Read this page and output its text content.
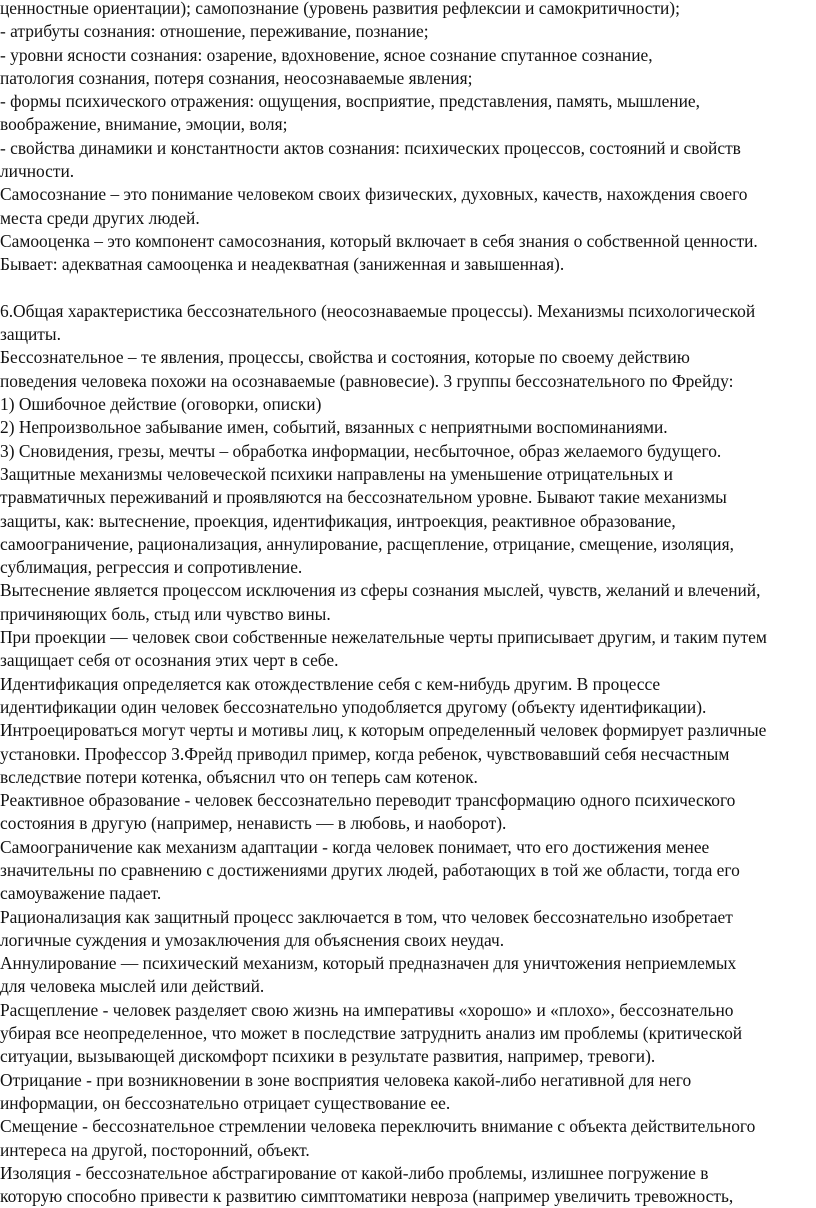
ценностные ориентации); самопознание (уровень развития рефлексии и самокритичности);
- атрибуты сознания: отношение, переживание, познание;
- уровни ясности сознания: озарение, вдохновение, ясное сознание спутанное сознание,
патология сознания, потеря сознания, неосознаваемые явления;
- формы психического отражения: ощущения, восприятие, представления, память, мышление,
воображение, внимание, эмоции, воля;
- свойства динамики и константности актов сознания: психических процессов, состояний и свойств
личности.
Самосознание – это понимание человеком своих физических, духовных, качеств, нахождения своего
места среди других людей.
Самооценка – это компонент самосознания, который включает в себя знания о собственной ценности.
Бывает: адекватная самооценка и неадекватная (заниженная и завышенная).
6.Общая характеристика бессознательного (неосознаваемые процессы). Механизмы психологической
защиты.
Бессознательное – те явления, процессы, свойства и состояния, которые по своему действию
поведения человека похожи на осознаваемые (равновесие). 3 группы бессознательного по Фрейду:
1) Ошибочное действие (оговорки, описки)
2) Непроизвольное забывание имен, событий, вязанных с неприятными воспоминаниями.
3) Сновидения, грезы, мечты – обработка информации, несбыточное, образ желаемого будущего.
Защитные механизмы человеческой психики направлены на уменьшение отрицательных и
травматичных переживаний и проявляются на бессознательном уровне. Бывают такие механизмы
защиты, как: вытеснение, проекция, идентификация, интроекция, реактивное образование,
самоограничение, рационализация, аннулирование, расщепление, отрицание, смещение, изоляция,
сублимация, регрессия и сопротивление.
Вытеснение является процессом исключения из сферы сознания мыслей, чувств, желаний и влечений,
причиняющих боль, стыд или чувство вины.
При проекции — человек свои собственные нежелательные черты приписывает другим, и таким путем
защищает себя от осознания этих черт в себе.
Идентификация определяется как отождествление себя с кем-нибудь другим. В процессе
идентификации один человек бессознательно уподобляется другому (объекту идентификации).
Интроецироваться могут черты и мотивы лиц, к которым определенный человек формирует различные
установки. Профессор З.Фрейд приводил пример, когда ребенок, чувствовавший себя несчастным
вследствие потери котенка, объяснил что он теперь сам котенок.
Реактивное образование - человек бессознательно переводит трансформацию одного психического
состояния в другую (например, ненависть — в любовь, и наоборот).
Самоограничение как механизм адаптации - когда человек понимает, что его достижения менее
значительны по сравнению с достижениями других людей, работающих в той же области, тогда его
самоуважение падает.
Рационализация как защитный процесс заключается в том, что человек бессознательно изобретает
логичные суждения и умозаключения для объяснения своих неудач.
Аннулирование — психический механизм, который предназначен для уничтожения неприемлемых
для человека мыслей или действий.
Расщепление - человек разделяет свою жизнь на императивы «хорошо» и «плохо», бессознательно
убирая все неопределенное, что может в последствие затруднить анализ им проблемы (критической
ситуации, вызывающей дискомфорт психики в результате развития, например, тревоги).
Отрицание - при возникновении в зоне восприятия человека какой-либо негативной для него
информации, он бессознательно отрицает существование ее.
Смещение - бессознательное стремлении человека переключить внимание с объекта действительного
интереса на другой, посторонний, объект.
Изоляция - бессознательное абстрагирование от какой-либо проблемы, излишнее погружение в
которую способно привести к развитию симптоматики невроза (например увеличить тревожность,
